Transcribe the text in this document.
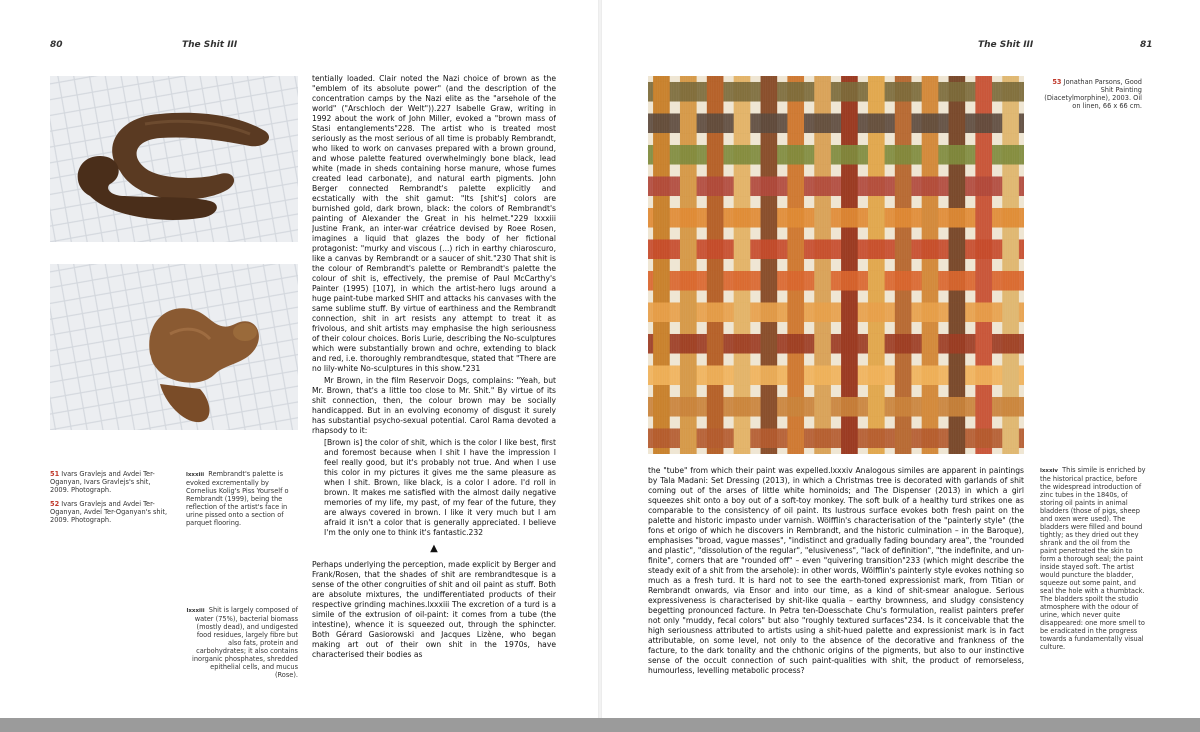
80	The Shit III	The Shit III	81
51 Ivars Gravlejs and Avdei Ter-Oganyan, Ivars Gravlejs's shit, 2009. Photograph.
52 Ivars Gravlejs and Avdei Ter-Oganyan, Avdei Ter-Oganyan's shit, 2009. Photograph.
lxxxiii Rembrandt's palette is evoked excrementally by Cornelius Kolig's Piss Yourself o Rembrandt (1999), being the reflection of the artist's face in urine pissed onto a section of parquet flooring.
lxxxiii Shit is largely composed of water (75%), bacterial biomass (mostly dead), and undigested food residues, largely fibre but also fats, protein and carbohydrates; it also contains inorganic phosphates, shredded epithelial cells, and mucus (Rose).

tentially loaded. Clair noted the Nazi choice of brown as the "emblem of its absolute power" (and the description of the concentration camps by the Nazi elite as the "arsehole of the world" ("Arschloch der Welt")).227 Isabelle Graw, writing in 1992 about the work of John Miller, evoked a "brown mass of Stasi entanglements"228. The artist who is treated most seriously as the most serious of all time is probably Rembrandt, who liked to work on canvases prepared with a brown ground, and whose palette featured overwhelmingly bone black, lead white (made in sheds containing horse manure, whose fumes created lead carbonate), and natural earth pigments. John Berger connected Rembrandt's palette explicitly and ecstatically with the shit gamut: "Its [shit's] colors are burnished gold, dark brown, black: the colors of Rembrandt's painting of Alexander the Great in his helmet."229 lxxxiii Justine Frank, an inter-war créatrice devised by Roee Rosen, imagines a liquid that glazes the body of her fictional protagonist: "murky and viscous (...) rich in earthy chiaroscuro, like a canvas by Rembrandt or a saucer of shit."230 That shit is the colour of Rembrandt's palette or Rembrandt's palette the colour of shit is, effectively, the premise of Paul McCarthy's Painter (1995) [107], in which the artist-hero lugs around a huge paint-tube marked SHIT and attacks his canvases with the same sublime stuff. By virtue of earthiness and the Rembrandt connection, shit in art resists any attempt to treat it as frivolous, and shit artists may emphasise the high seriousness of their colour choices. Boris Lurie, describing the No-sculptures which were substantially brown and ochre, extending to black and red, i.e. thoroughly rembrandtesque, stated that "There are no lily-white No-sculptures in this show."231

Mr Brown, in the film Reservoir Dogs, complains: "Yeah, but Mr. Brown, that's a little too close to Mr. Shit." By virtue of its shit connection, then, the colour brown may be socially handicapped. But in an evolving economy of disgust it surely has substantial psycho-sexual potential. Carol Rama devoted a rhapsody to it:

[Brown is] the color of shit, which is the color I like best, first and foremost because when I shit I have the impression I feel really good, but it's probably not true. And when I use this color in my pictures it gives me the same pleasure as when I shit. Brown, like black, is a color I adore. I'd roll in brown. It makes me satisfied with the almost daily negative memories of my life, my past, of my fear of the future, they are always covered in brown. I like it very much but I am afraid it isn't a color that is generally appreciated. I believe I'm the only one to think it's fantastic.232

▲

Perhaps underlying the perception, made explicit by Berger and Frank/Rosen, that the shades of shit are rembrandtesque is a sense of the other congruities of shit and oil paint as stuff. Both are absolute mixtures, the undifferentiated products of their respective grinding machines.lxxxiii The excretion of a turd is a simile of the extrusion of oil-paint: it comes from a tube (the intestine), whence it is squeezed out, through the sphincter. Both Gérard Gasiorowski and Jacques Lizène, who began making art out of their own shit in the 1970s, have characterised their bodies as

53 Jonathan Parsons, Good Shit Painting (Diacetylmorphine), 2003. Oil on linen, 66 x 66 cm.

the "tube" from which their paint was expelled.lxxxiv Analogous similes are apparent in paintings by Tala Madani: Set Dressing (2013), in which a Christmas tree is decorated with garlands of shit coming out of the arses of little white hominoids; and The Dispenser (2013) in which a girl squeezes shit onto a boy out of a soft-toy monkey. The soft bulk of a healthy turd strikes one as comparable to the consistency of oil paint. Its lustrous surface evokes both fresh paint on the palette and historic impasto under varnish. Wölfflin's characterisation of the "painterly style" (the fons et origo of which he discovers in Rembrandt, and the historic culmination – in the Baroque), emphasises "broad, vague masses", "indistinct and gradually fading boundary area", the "rounded and plastic", "dissolution of the regular", "elusiveness", "lack of definition", "the indefinite, and un-finite", corners that are "rounded off" – even "quivering transition"233 (which might describe the steady exit of a shit from the arsehole): in other words, Wölfflin's painterly style evokes nothing so much as a fresh turd. It is hard not to see the earth-toned expressionist mark, from Titian or Rembrandt onwards, via Ensor and into our time, as a kind of shit-smear analogue. Serious expressiveness is characterised by shit-like qualia – earthy brownness, and sludgy consistency begetting pronounced facture. In Petra ten-Doesschate Chu's formulation, realist painters prefer not only "muddy, fecal colors" but also "roughly textured surfaces"234. Is it conceivable that the high seriousness attributed to artists using a shit-hued palette and expressionist mark is in fact attributable, on some level, not only to the absence of the decorative and frankness of the facture, to the dark tonality and the chthonic origins of the pigments, but also to our instinctive sense of the occult connection of such paint-qualities with shit, the product of remorseless, humourless, levelling metabolic process?

lxxxiv This simile is enriched by the historical practice, before the widespread introduction of zinc tubes in the 1840s, of storing oil paints in animal bladders (those of pigs, sheep and oxen were used). The bladders were filled and bound tightly; as they dried out they shrank and the oil from the paint penetrated the skin to form a thorough seal; the paint inside stayed soft. The artist would puncture the bladder, squeeze out some paint, and seal the hole with a thumbtack. The bladders spoilt the studio atmosphere with the odour of urine, which never quite disappeared: one more smell to be eradicated in the progress towards a fundamentally visual culture.
